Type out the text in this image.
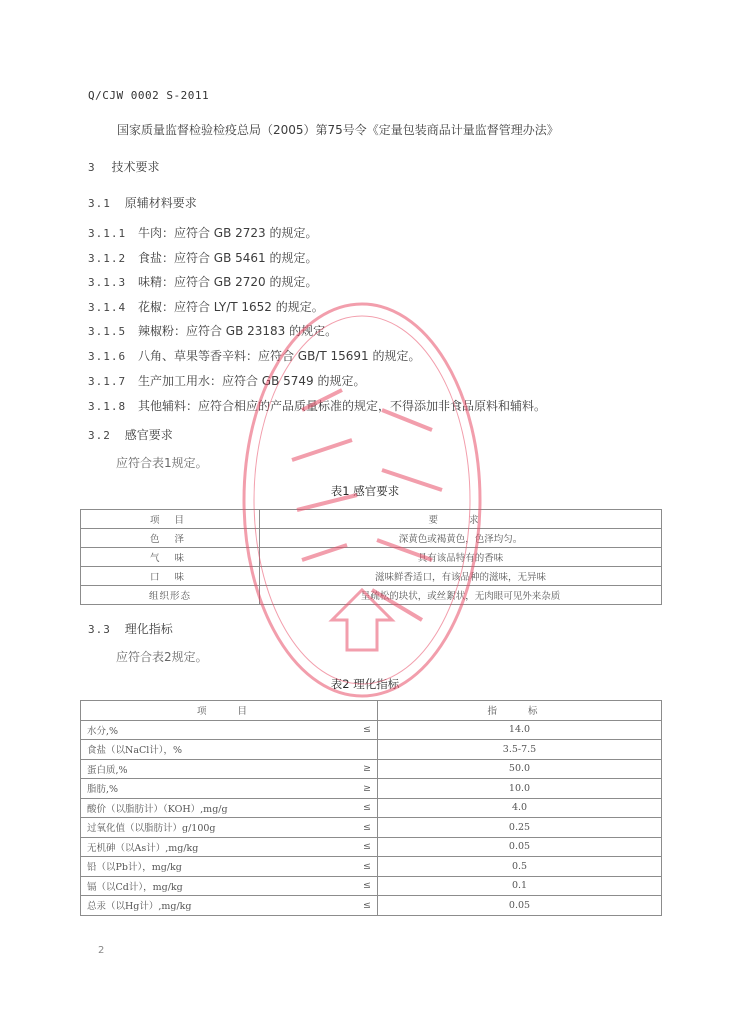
Q/CJW 0002 S-2011
国家质量监督检验检疫总局（2005）第75号令《定量包装商品计量监督管理办法》
3 技术要求
3.1 原辅材料要求
3.1.1 牛肉：应符合 GB 2723 的规定。
3.1.2 食盐：应符合 GB 5461 的规定。
3.1.3 味精：应符合 GB 2720 的规定。
3.1.4 花椒：应符合 LY/T 1652 的规定。
3.1.5 辣椒粉：应符合 GB 23183 的规定。
3.1.6 八角、草果等香辛料：应符合 GB/T 15691 的规定。
3.1.7 生产加工用水：应符合 GB 5749 的规定。
3.1.8 其他辅料：应符合相应的产品质量标准的规定，不得添加非食品原料和辅料。
3.2 感官要求
应符合表1规定。
表1 感官要求
项 目	要 求
色 泽	深黄色或褐黄色，色泽均匀。
气 味	具有该品特有的香味
口 味	滋味鲜香适口，有该品种的滋味，无异味
组织形态	呈疏松的块状，或丝絮状，无肉眼可见外来杂质
3.3 理化指标
应符合表2规定。
表2 理化指标
项 目		指 标
水分,%	≤	14.0
食盐（以NaCl计），%		3.5-7.5
蛋白质,%	≥	50.0
脂肪,%	≥	10.0
酸价（以脂肪计）（KOH）,mg/g	≤	4.0
过氧化值（以脂肪计）g/100g	≤	0.25
无机砷（以As计）,mg/kg	≤	0.05
铅（以Pb计），mg/kg	≤	0.5
镉（以Cd计），mg/kg	≤	0.1
总汞（以Hg计）,mg/kg	≤	0.05
2
